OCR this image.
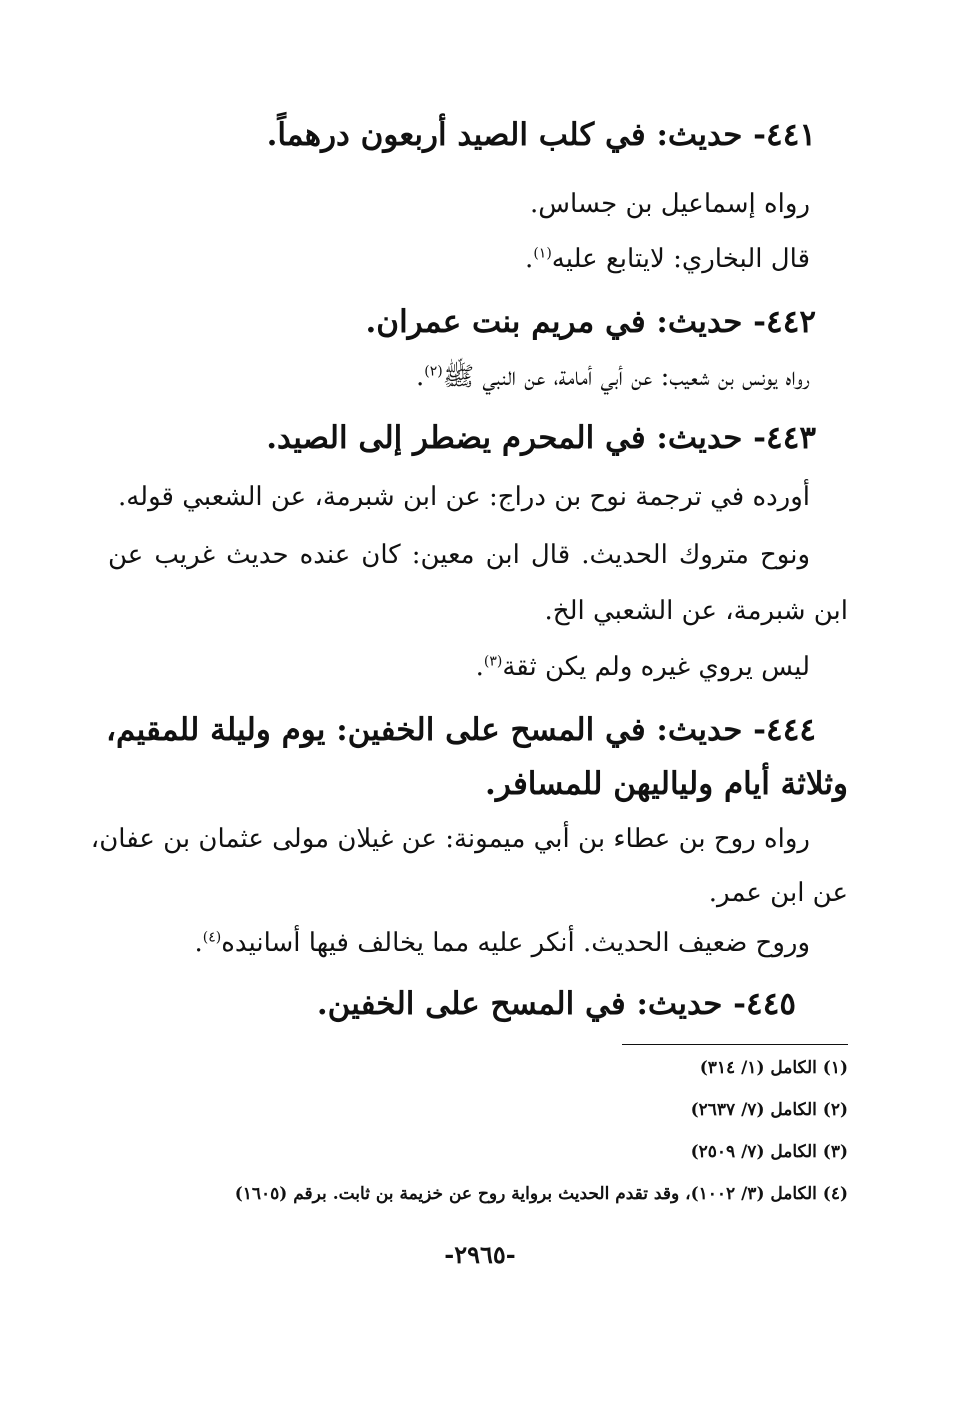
٤٤١- حديث: في كلب الصيد أربعون درهماً.
رواه إسماعيل بن جساس.
قال البخاري: لايتابع عليه$^{(١)}$.
٤٤٢- حديث: في مريم بنت عمران.
رواه يونس بن شعيب: عن أبي أمامة، عن النبي ﷺ$^{(٢)}$.
٤٤٣- حديث: في المحرم يضطر إلى الصيد.
أورده في ترجمة نوح بن دراج: عن ابن شبرمة، عن الشعبي قوله.
ونوح متروك الحديث. قال ابن معين: كان عنده حديث غريب عن
ابن شبرمة، عن الشعبي الخ.
ليس يروي غيره ولم يكن ثقة$^{(٣)}$.
٤٤٤- حديث: في المسح على الخفين: يوم وليلة للمقيم،
وثلاثة أيام ولياليهن للمسافر.
رواه روح بن عطاء بن أبي ميمونة: عن غيلان مولى عثمان بن عفان،
عن ابن عمر.
وروح ضعيف الحديث. أنكر عليه مما يخالف فيها أسانيده$^{(٤)}$.
٤٤٥- حديث: في المسح على الخفين.
(١) الكامل (١/ ٣١٤)
(٢) الكامل (٧/ ٢٦٣٧)
(٣) الكامل (٧/ ٢٥٠٩)
(٤) الكامل (٣/ ١٠٠٢)، وقد تقدم الحديث برواية روح عن خزيمة بن ثابت. برقم (١٦٠٥)
-٢٩٦٥-
